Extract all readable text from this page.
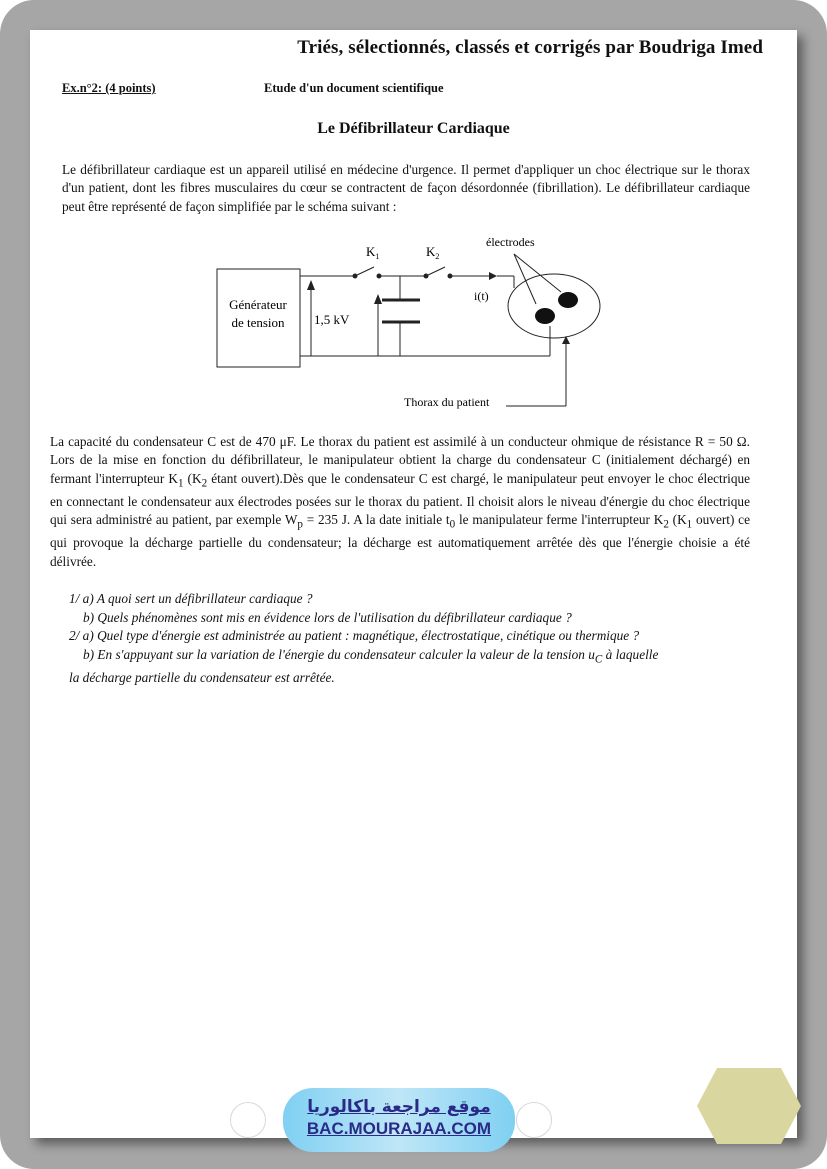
Triés, sélectionnés, classés et corrigés par Boudriga Imed
Ex.n°2: (4 points)	Etude d'un document scientifique
Le Défibrillateur Cardiaque
Le défibrillateur cardiaque est un appareil utilisé en médecine d'urgence. Il permet d'appliquer un choc électrique sur le thorax d'un patient, dont les fibres musculaires du cœur se contractent de façon désordonnée (fibrillation). Le défibrillateur cardiaque peut être représenté de façon simplifiée par le schéma suivant :
Générateur
de tension
$K_1$	$K_2$
i(t)
1,5 kV
électrodes
Thorax du patient
La capacité du condensateur C est de 470 μF. Le thorax du patient est assimilé à un conducteur ohmique de résistance R = 50 Ω. Lors de la mise en fonction du défibrillateur, le manipulateur obtient la charge du condensateur C (initialement déchargé) en fermant l'interrupteur $K_1$ ($K_2$ étant ouvert).Dès que le condensateur C est chargé, le manipulateur peut envoyer le choc électrique en connectant le condensateur aux électrodes posées sur le thorax du patient. Il choisit alors le niveau d'énergie du choc électrique qui sera administré au patient, par exemple $W_p = 235$ J. A la date initiale $t_0$ le manipulateur ferme l'interrupteur $K_2$ ($K_1$ ouvert) ce qui provoque la décharge partielle du condensateur; la décharge est automatiquement arrêtée dès que l'énergie choisie a été délivrée.
1/ a) A quoi sert un défibrillateur cardiaque ?
b) Quels phénomènes sont mis en évidence lors de l'utilisation du défibrillateur cardiaque ?
2/ a) Quel type d'énergie est administrée au patient : magnétique, électrostatique, cinétique ou thermique ?
b) En s'appuyant sur la variation de l'énergie du condensateur calculer la valeur de la tension $u_C$ à laquelle
la décharge partielle du condensateur est arrêtée.
موقع مراجعة باكالوريا
BAC.MOURAJAA.COM
